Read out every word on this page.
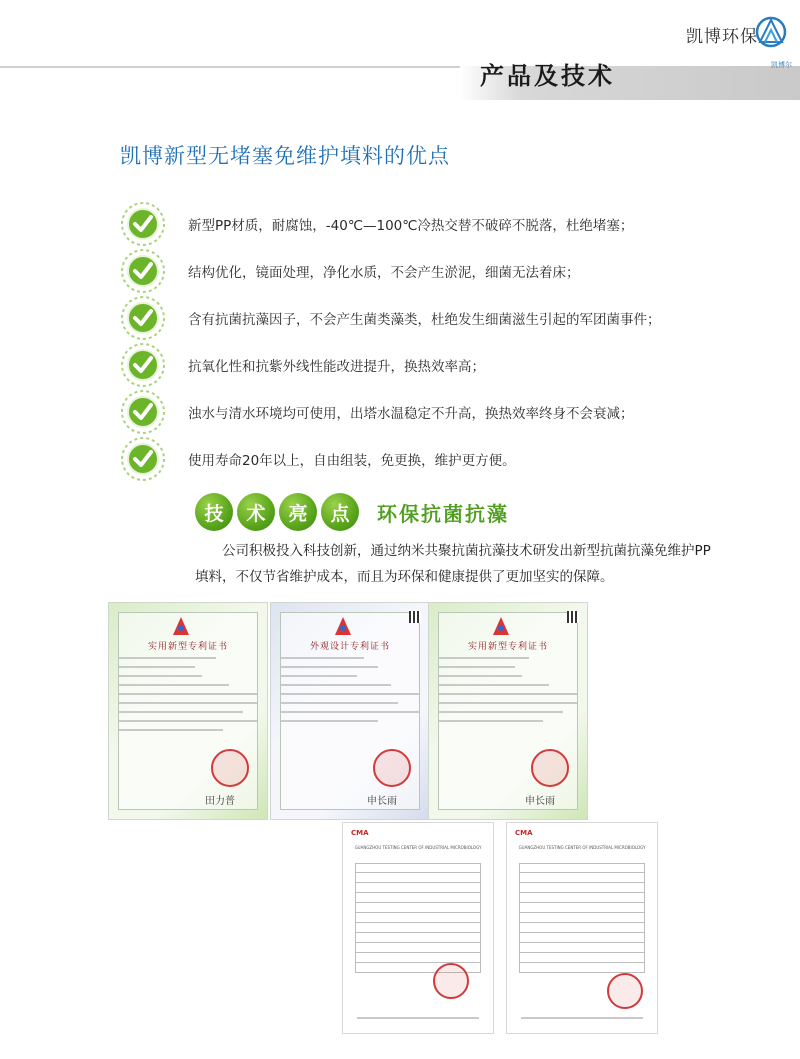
产品及技术
凯博环保
凯博尔
凯博新型无堵塞免维护填料的优点
新型PP材质，耐腐蚀，-40℃—100℃冷热交替不破碎不脱落，杜绝堵塞；
结构优化，镜面处理，净化水质，不会产生淤泥，细菌无法着床；
含有抗菌抗藻因子，不会产生菌类藻类，杜绝发生细菌滋生引起的军团菌事件；
抗氧化性和抗紫外线性能改进提升，换热效率高；
浊水与清水环境均可使用，出塔水温稳定不升高，换热效率终身不会衰减；
使用寿命20年以上，自由组装，免更换，维护更方便。
技	术	亮	点	环保抗菌抗藻

公司积极投入科技创新，通过纳米共聚抗菌抗藻技术研发出新型抗菌抗藻免维护PP填料，不仅节省维护成本，而且为环保和健康提供了更加坚实的保障。

实用新型专利证书
田力普
外观设计专利证书
申长雨
实用新型专利证书
申长雨
CMA
GUANGZHOU TESTING CENTER OF INDUSTRIAL MICROBIOLOGY
CMA
GUANGZHOU TESTING CENTER OF INDUSTRIAL MICROBIOLOGY
